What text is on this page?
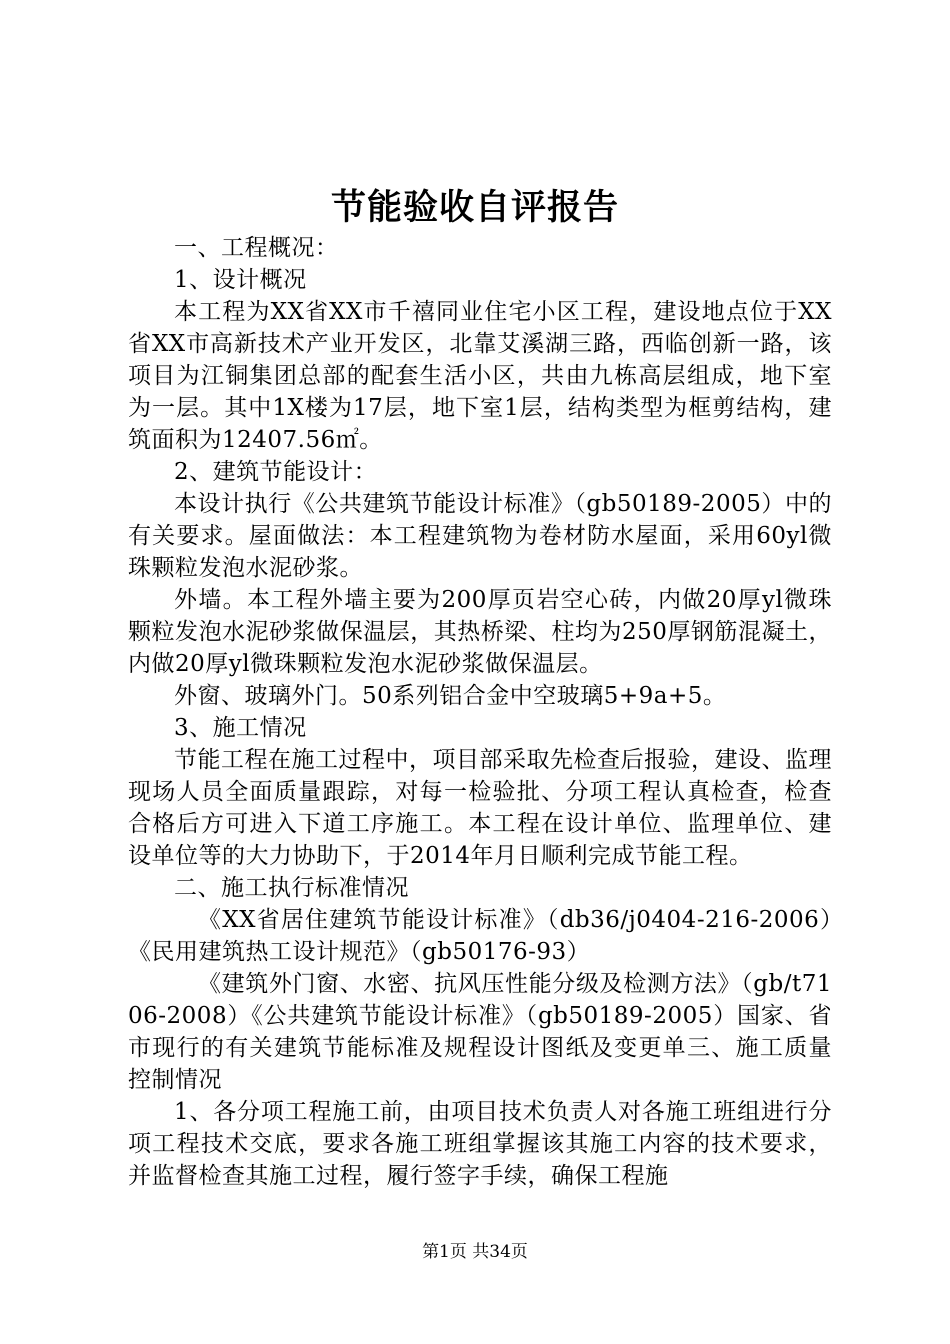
节能验收自评报告

一、工程概况：

1、设计概况

本工程为XX省XX市千禧同业住宅小区工程，建设地点位于XX省XX市高新技术产业开发区，北靠艾溪湖三路，西临创新一路，该项目为江铜集团总部的配套生活小区，共由九栋高层组成，地下室为一层。其中1X楼为17层，地下室1层，结构类型为框剪结构，建筑面积为12407.56㎡。

2、建筑节能设计：

本设计执行《公共建筑节能设计标准》（gb50189-2005）中的有关要求。屋面做法：本工程建筑物为卷材防水屋面，采用60yl微珠颗粒发泡水泥砂浆。

外墙。本工程外墙主要为200厚页岩空心砖，内做20厚yl微珠颗粒发泡水泥砂浆做保温层，其热桥梁、柱均为250厚钢筋混凝土，内做20厚yl微珠颗粒发泡水泥砂浆做保温层。

外窗、玻璃外门。50系列铝合金中空玻璃5+9a+5。

3、施工情况

节能工程在施工过程中，项目部采取先检查后报验，建设、监理现场人员全面质量跟踪，对每一检验批、分项工程认真检查，检查合格后方可进入下道工序施工。本工程在设计单位、监理单位、建设单位等的大力协助下，于2014年月日顺利完成节能工程。

二、施工执行标准情况

《XX省居住建筑节能设计标准》（db36/j0404-216-2006）《民用建筑热工设计规范》（gb50176-93）

《建筑外门窗、水密、抗风压性能分级及检测方法》（gb/t7106-2008）《公共建筑节能设计标准》（gb50189-2005）国家、省市现行的有关建筑节能标准及规程设计图纸及变更单三、施工质量控制情况

1、各分项工程施工前，由项目技术负责人对各施工班组进行分项工程技术交底，要求各施工班组掌握该其施工内容的技术要求，并监督检查其施工过程，履行签字手续，确保工程施

第1页 共34页
